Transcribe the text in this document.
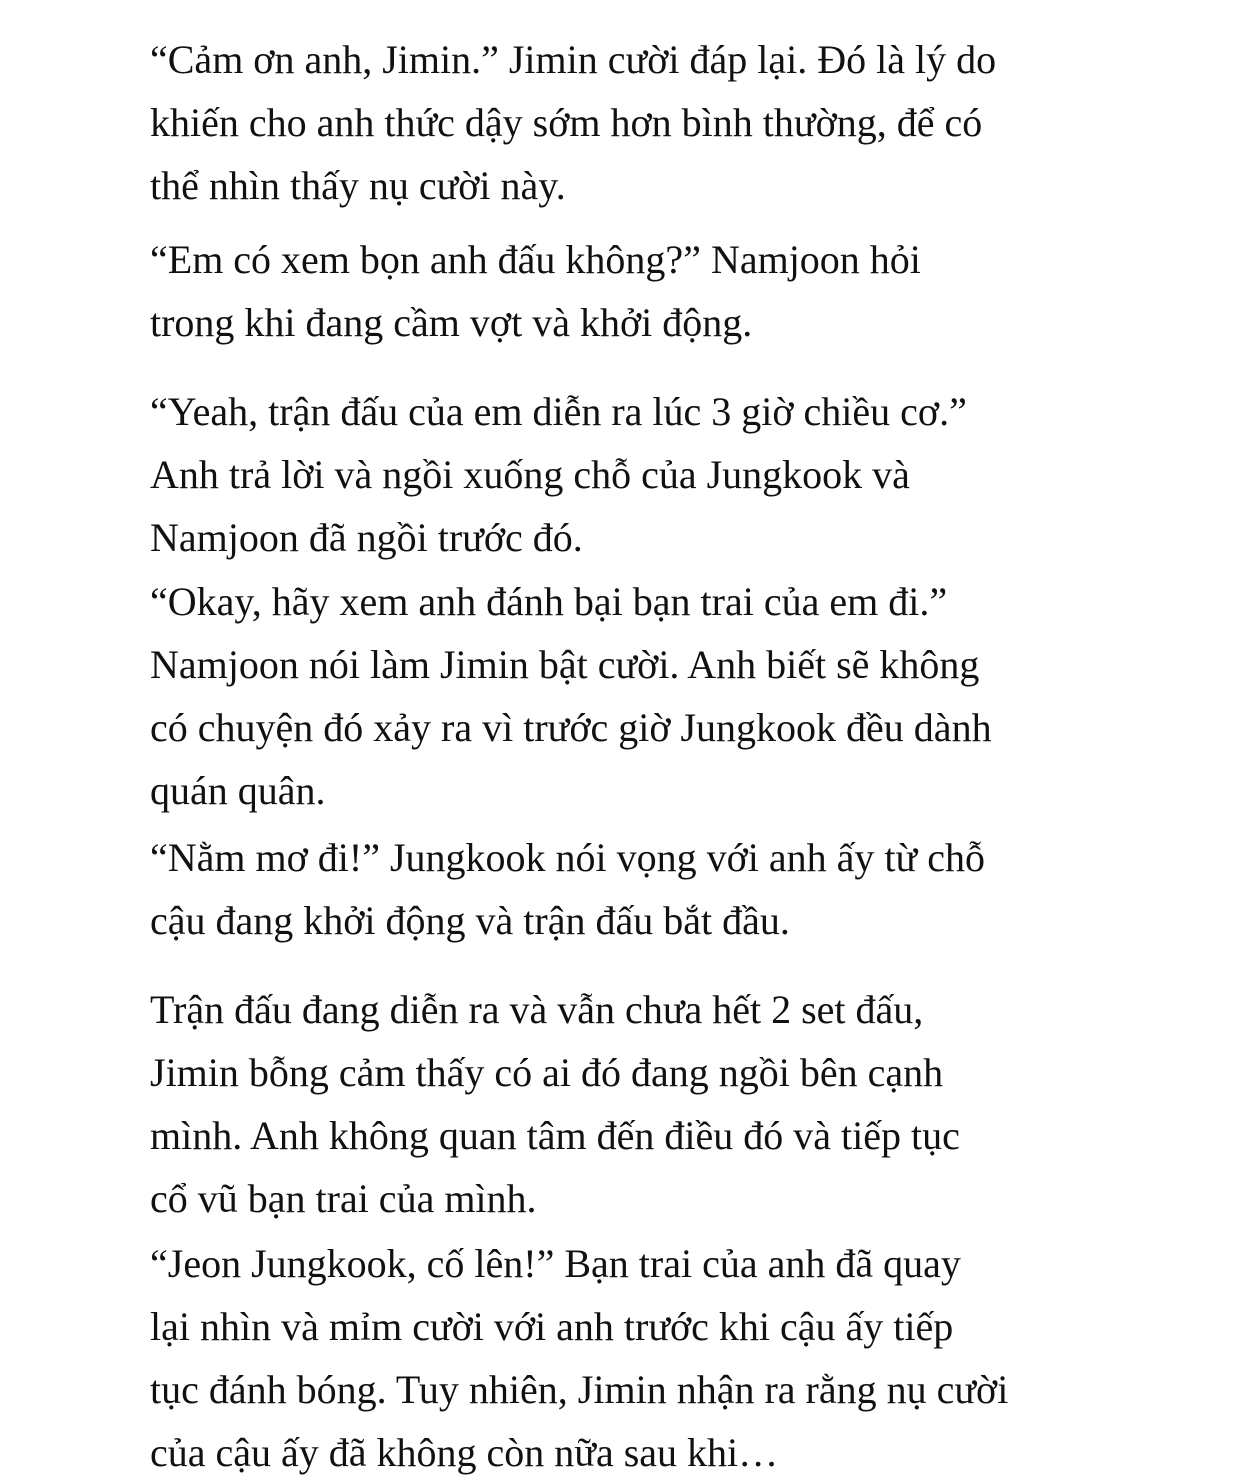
“Cảm ơn anh, Jimin.” Jimin cười đáp lại. Đó là lý do
khiến cho anh thức dậy sớm hơn bình thường, để có
thể nhìn thấy nụ cười này.

“Em có xem bọn anh đấu không?” Namjoon hỏi
trong khi đang cầm vợt và khởi động.

“Yeah, trận đấu của em diễn ra lúc 3 giờ chiều cơ.”
Anh trả lời và ngồi xuống chỗ của Jungkook và
Namjoon đã ngồi trước đó.

“Okay, hãy xem anh đánh bại bạn trai của em đi.”
Namjoon nói làm Jimin bật cười. Anh biết sẽ không
có chuyện đó xảy ra vì trước giờ Jungkook đều dành
quán quân.

“Nằm mơ đi!” Jungkook nói vọng với anh ấy từ chỗ
cậu đang khởi động và trận đấu bắt đầu.

Trận đấu đang diễn ra và vẫn chưa hết 2 set đấu,
Jimin bỗng cảm thấy có ai đó đang ngồi bên cạnh
mình. Anh không quan tâm đến điều đó và tiếp tục
cổ vũ bạn trai của mình.

“Jeon Jungkook, cố lên!” Bạn trai của anh đã quay
lại nhìn và mỉm cười với anh trước khi cậu ấy tiếp
tục đánh bóng. Tuy nhiên, Jimin nhận ra rằng nụ cười
của cậu ấy đã không còn nữa sau khi…
